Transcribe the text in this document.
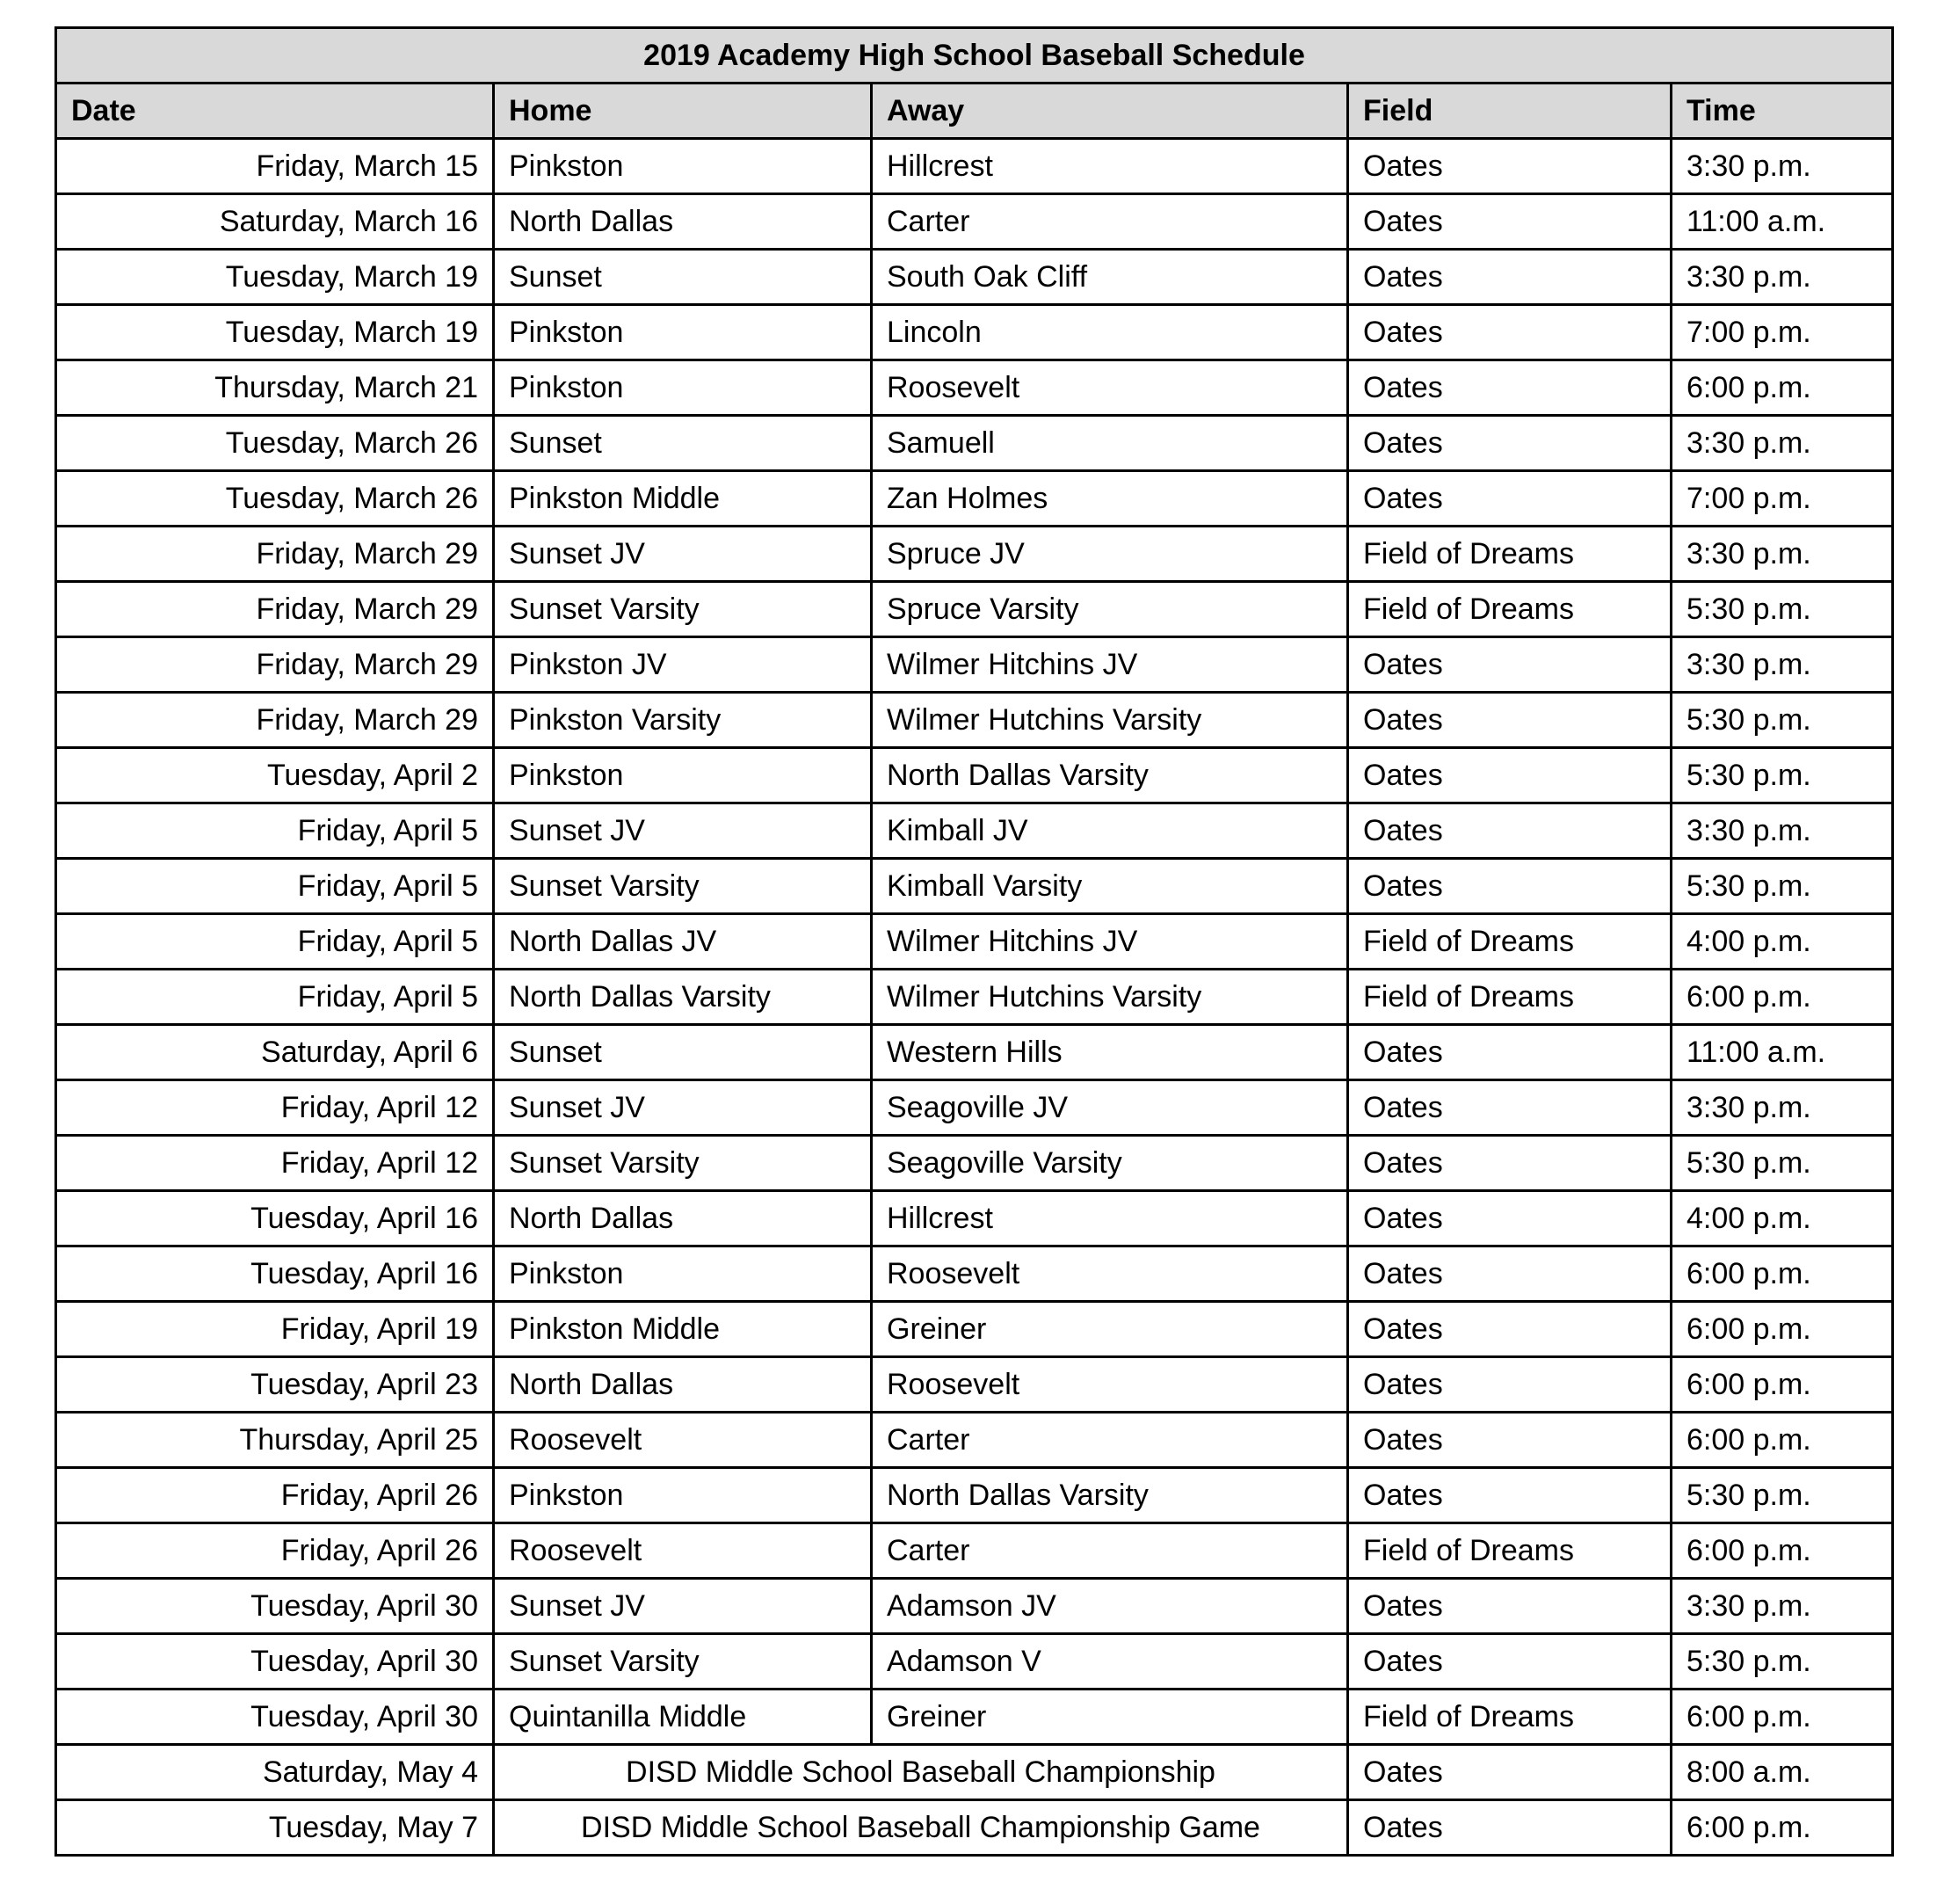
2019 Academy High School Baseball Schedule				
Date	Home	Away	Field	Time
Friday, March 15	Pinkston	Hillcrest	Oates	3:30 p.m.
Saturday, March 16	North Dallas	Carter	Oates	11:00 a.m.
Tuesday, March 19	Sunset	South Oak Cliff	Oates	3:30 p.m.
Tuesday, March 19	Pinkston	Lincoln	Oates	7:00 p.m.
Thursday, March 21	Pinkston	Roosevelt	Oates	6:00 p.m.
Tuesday, March 26	Sunset	Samuell	Oates	3:30 p.m.
Tuesday, March 26	Pinkston Middle	Zan Holmes	Oates	7:00 p.m.
Friday, March 29	Sunset JV	Spruce JV	Field of Dreams	3:30 p.m.
Friday, March 29	Sunset Varsity	Spruce Varsity	Field of Dreams	5:30 p.m.
Friday, March 29	Pinkston JV	Wilmer Hitchins JV	Oates	3:30 p.m.
Friday, March 29	Pinkston Varsity	Wilmer Hutchins Varsity	Oates	5:30 p.m.
Tuesday, April 2	Pinkston	North Dallas Varsity	Oates	5:30 p.m.
Friday, April 5	Sunset JV	Kimball JV	Oates	3:30 p.m.
Friday, April 5	Sunset Varsity	Kimball Varsity	Oates	5:30 p.m.
Friday, April 5	North Dallas JV	Wilmer Hitchins JV	Field of Dreams	4:00 p.m.
Friday, April 5	North Dallas Varsity	Wilmer Hutchins Varsity	Field of Dreams	6:00 p.m.
Saturday, April 6	Sunset	Western Hills	Oates	11:00 a.m.
Friday, April 12	Sunset JV	Seagoville JV	Oates	3:30 p.m.
Friday, April 12	Sunset Varsity	Seagoville Varsity	Oates	5:30 p.m.
Tuesday, April 16	North Dallas	Hillcrest	Oates	4:00 p.m.
Tuesday, April 16	Pinkston	Roosevelt	Oates	6:00 p.m.
Friday, April 19	Pinkston Middle	Greiner	Oates	6:00 p.m.
Tuesday, April 23	North Dallas	Roosevelt	Oates	6:00 p.m.
Thursday, April 25	Roosevelt	Carter	Oates	6:00 p.m.
Friday, April 26	Pinkston	North Dallas Varsity	Oates	5:30 p.m.
Friday, April 26	Roosevelt	Carter	Field of Dreams	6:00 p.m.
Tuesday, April 30	Sunset JV	Adamson JV	Oates	3:30 p.m.
Tuesday, April 30	Sunset Varsity	Adamson V	Oates	5:30 p.m.
Tuesday, April 30	Quintanilla Middle	Greiner	Field of Dreams	6:00 p.m.
Saturday, May 4	DISD Middle School Baseball Championship		Oates	8:00 a.m.
Tuesday, May 7	DISD Middle School Baseball Championship Game		Oates	6:00 p.m.
